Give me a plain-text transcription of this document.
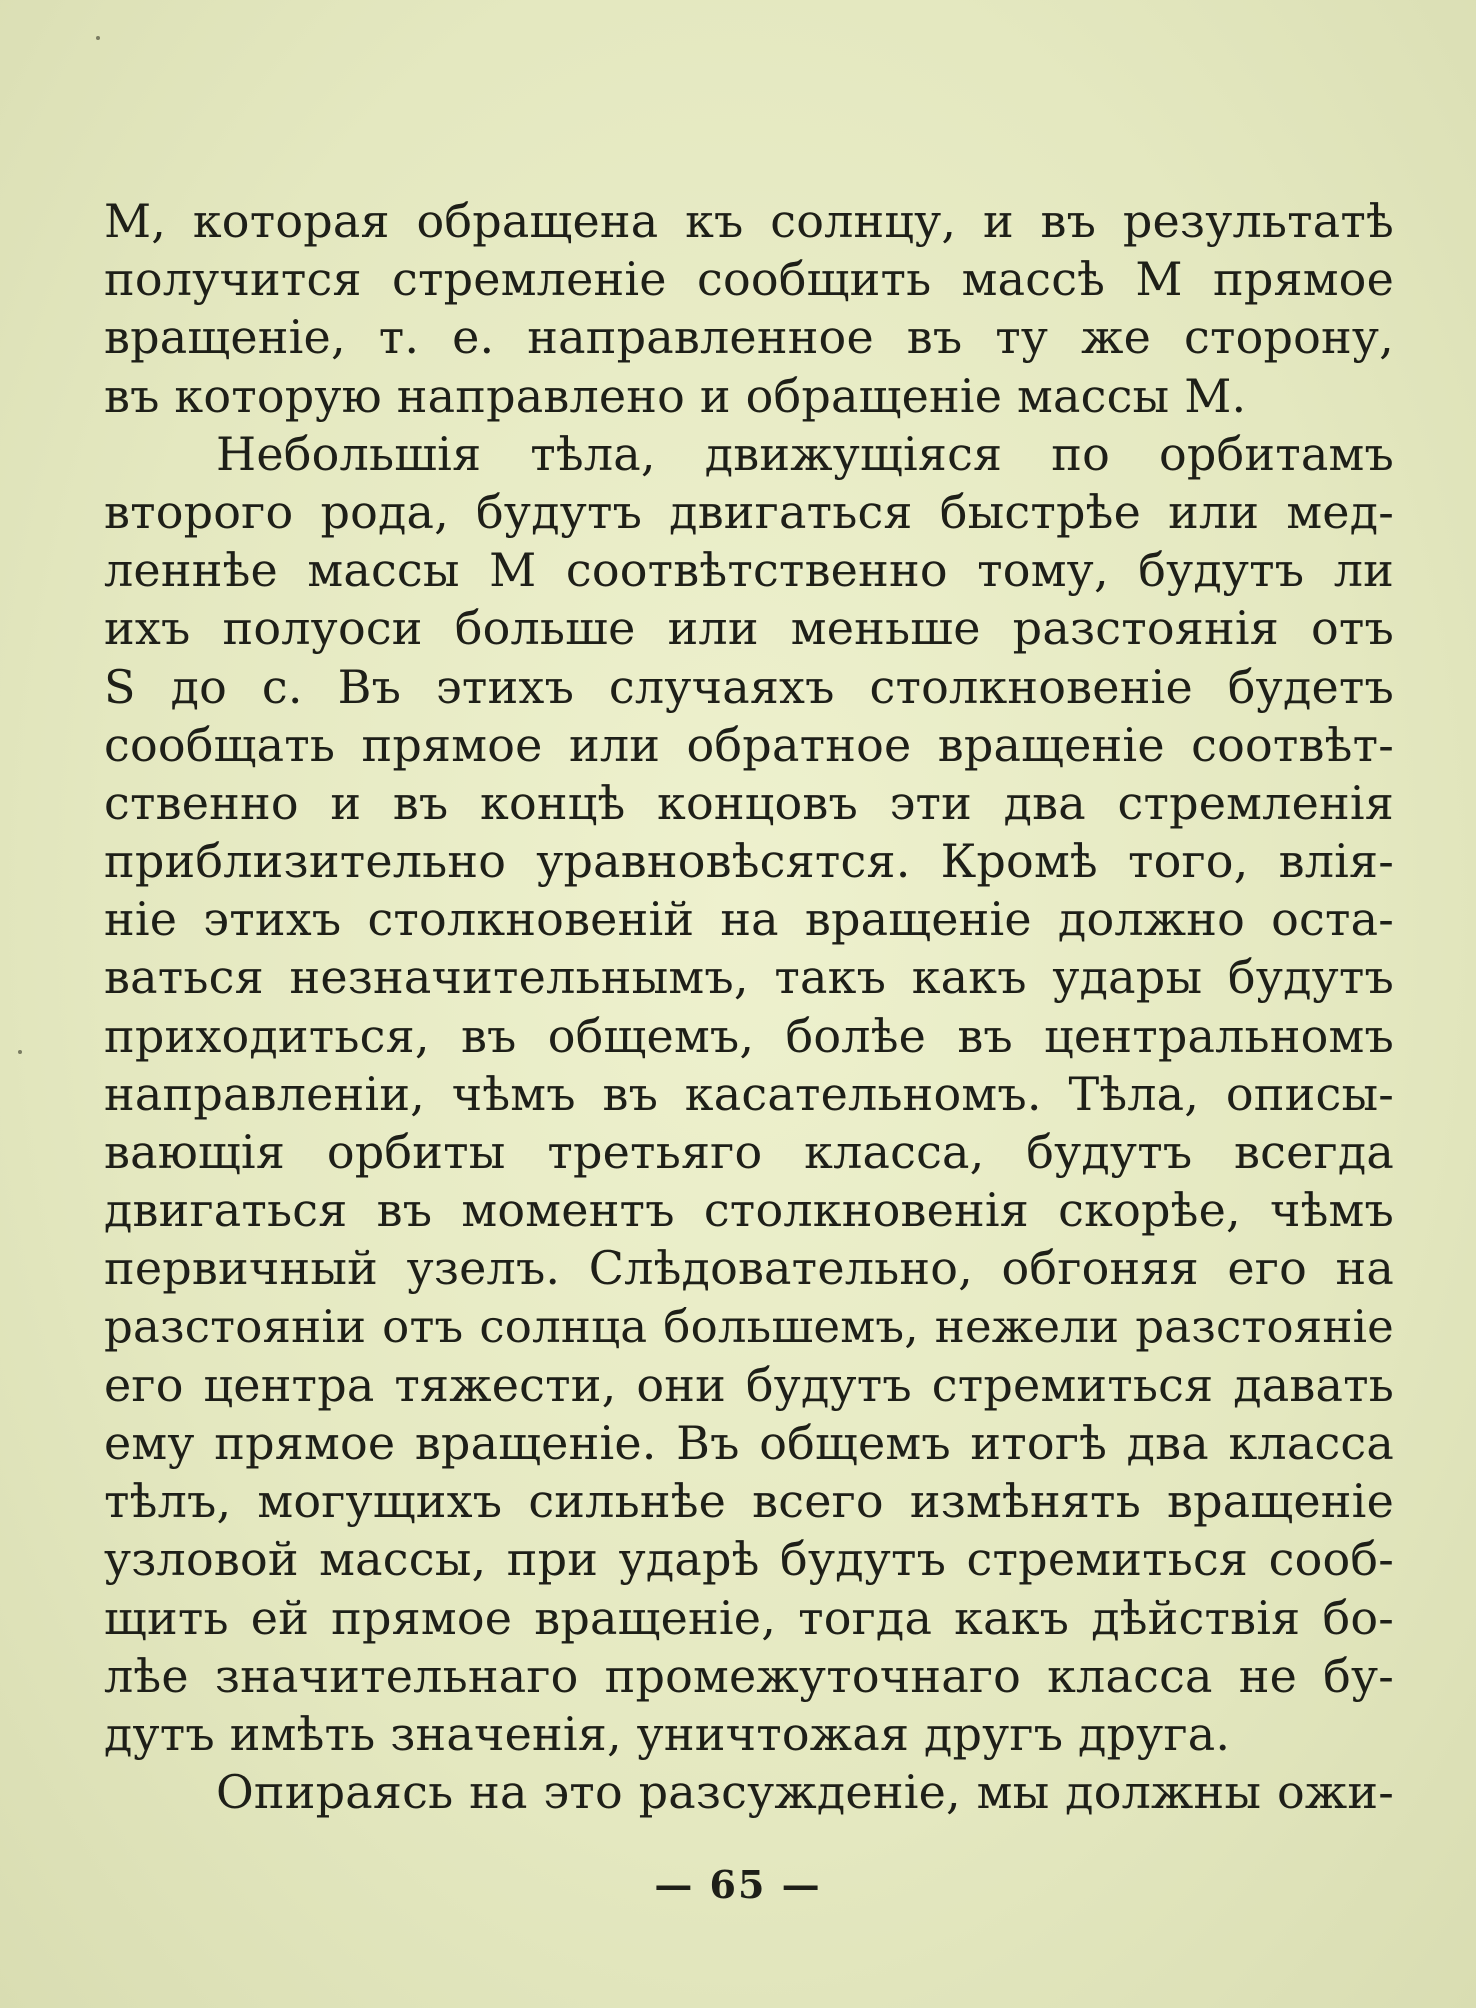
M, которая обращена къ солнцу, и въ результатѣ
получится стремленіе сообщить массѣ M прямое
вращеніе, т. е. направленное въ ту же сторону,
въ которую направлено и обращеніе массы M.
Небольшія тѣла, движущіяся по орбитамъ
второго рода, будутъ двигаться быстрѣе или мед-
леннѣе массы M соотвѣтственно тому, будутъ ли
ихъ полуоси больше или меньше разстоянія отъ
S до c. Въ этихъ случаяхъ столкновеніе будетъ
сообщать прямое или обратное вращеніе соотвѣт-
ственно и въ концѣ концовъ эти два стремленія
приблизительно уравновѣсятся. Кромѣ того, влія-
ніе этихъ столкновеній на вращеніе должно оста-
ваться незначительнымъ, такъ какъ удары будутъ
приходиться, въ общемъ, болѣе въ центральномъ
направленіи, чѣмъ въ касательномъ. Тѣла, описы-
вающія орбиты третьяго класса, будутъ всегда
двигаться въ моментъ столкновенія скорѣе, чѣмъ
первичный узелъ. Слѣдовательно, обгоняя его на
разстояніи отъ солнца большемъ, нежели разстояніе
его центра тяжести, они будутъ стремиться давать
ему прямое вращеніе. Въ общемъ итогѣ два класса
тѣлъ, могущихъ сильнѣе всего измѣнять вращеніе
узловой массы, при ударѣ будутъ стремиться сооб-
щить ей прямое вращеніе, тогда какъ дѣйствія бо-
лѣе значительнаго промежуточнаго класса не бу-
дутъ имѣть значенія, уничтожая другъ друга.
Опираясь на это разсужденіе, мы должны ожи-
— 65 —
